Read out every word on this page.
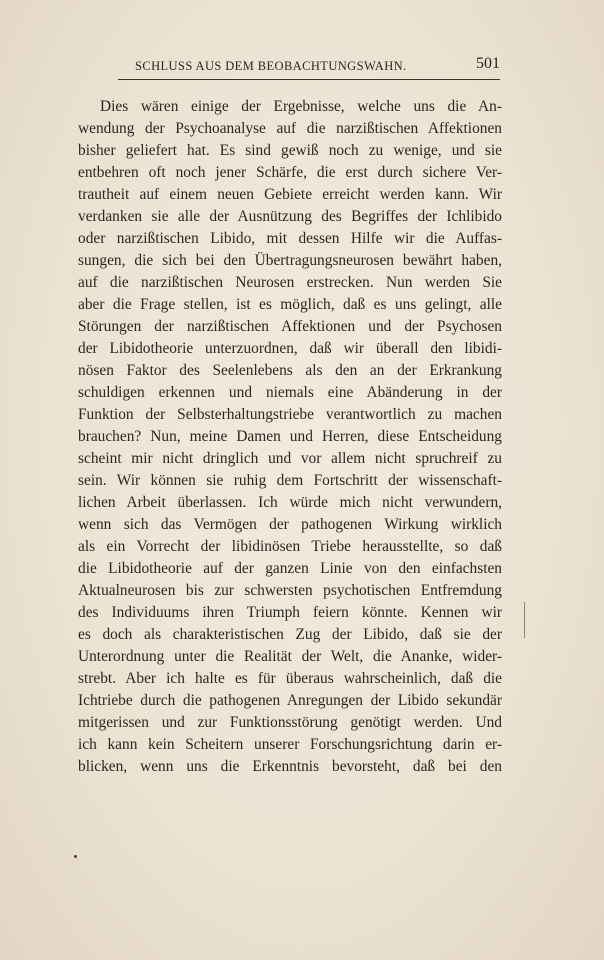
SCHLUSS AUS DEM BEOBACHTUNGSWAHN.	501
Dies wären einige der Ergebnisse, welche uns die An-
wendung der Psychoanalyse auf die narzißtischen Affektionen
bisher geliefert hat. Es sind gewiß noch zu wenige, und sie
entbehren oft noch jener Schärfe, die erst durch sichere Ver-
trautheit auf einem neuen Gebiete erreicht werden kann. Wir
verdanken sie alle der Ausnützung des Begriffes der Ichlibido
oder narzißtischen Libido, mit dessen Hilfe wir die Auffas-
sungen, die sich bei den Übertragungsneurosen bewährt haben,
auf die narzißtischen Neurosen erstrecken. Nun werden Sie
aber die Frage stellen, ist es möglich, daß es uns gelingt, alle
Störungen der narzißtischen Affektionen und der Psychosen
der Libidotheorie unterzuordnen, daß wir überall den libidi-
nösen Faktor des Seelenlebens als den an der Erkrankung
schuldigen erkennen und niemals eine Abänderung in der
Funktion der Selbsterhaltungstriebe verantwortlich zu machen
brauchen? Nun, meine Damen und Herren, diese Entscheidung
scheint mir nicht dringlich und vor allem nicht spruchreif zu
sein. Wir können sie ruhig dem Fortschritt der wissenschaft-
lichen Arbeit überlassen. Ich würde mich nicht verwundern,
wenn sich das Vermögen der pathogenen Wirkung wirklich
als ein Vorrecht der libidinösen Triebe herausstellte, so daß
die Libidotheorie auf der ganzen Linie von den einfachsten
Aktualneurosen bis zur schwersten psychotischen Entfremdung
des Individuums ihren Triumph feiern könnte. Kennen wir
es doch als charakteristischen Zug der Libido, daß sie der
Unterordnung unter die Realität der Welt, die Ananke, wider-
strebt. Aber ich halte es für überaus wahrscheinlich, daß die
Ichtriebe durch die pathogenen Anregungen der Libido sekundär
mitgerissen und zur Funktionsstörung genötigt werden. Und
ich kann kein Scheitern unserer Forschungsrichtung darin er-
blicken, wenn uns die Erkenntnis bevorsteht, daß bei den
